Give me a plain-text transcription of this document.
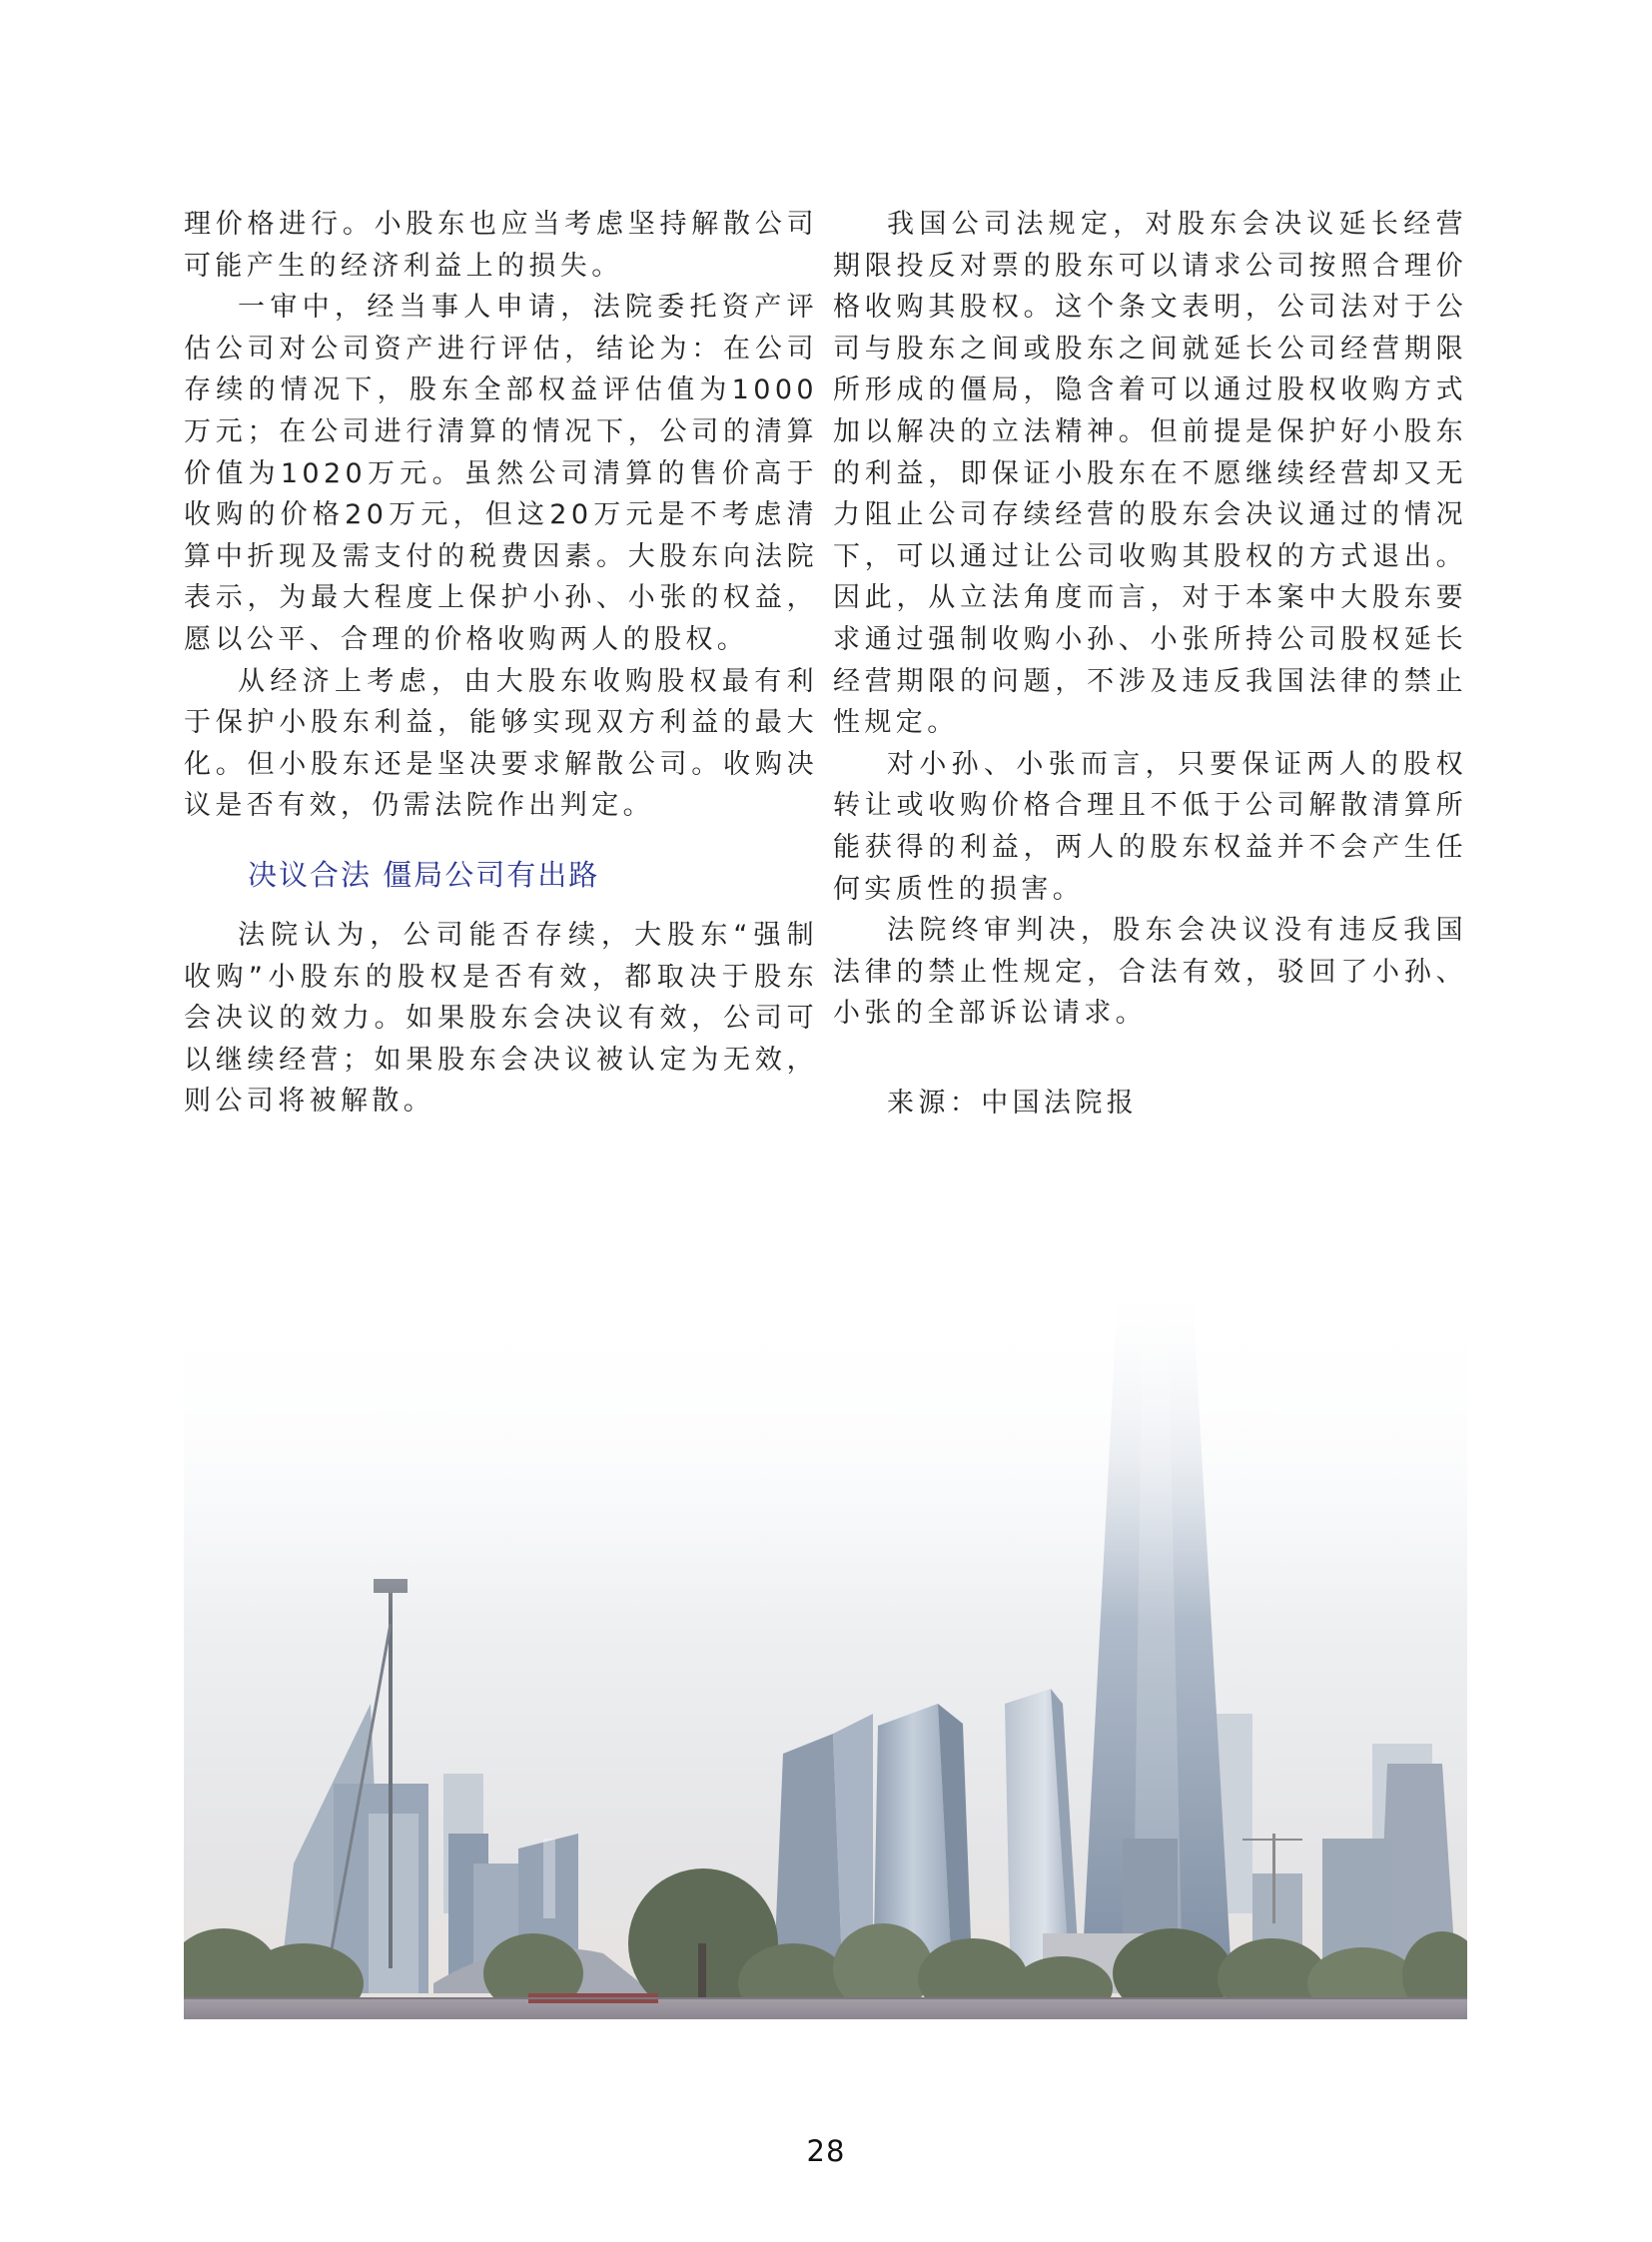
理价格进行。小股东也应当考虑坚持解散公司可能产生的经济利益上的损失。

一审中，经当事人申请，法院委托资产评估公司对公司资产进行评估，结论为：在公司存续的情况下，股东全部权益评估值为1000万元；在公司进行清算的情况下，公司的清算价值为1020万元。虽然公司清算的售价高于收购的价格20万元，但这20万元是不考虑清算中折现及需支付的税费因素。大股东向法院表示，为最大程度上保护小孙、小张的权益，愿以公平、合理的价格收购两人的股权。

从经济上考虑，由大股东收购股权最有利于保护小股东利益，能够实现双方利益的最大化。但小股东还是坚决要求解散公司。收购决议是否有效，仍需法院作出判定。

决议合法 僵局公司有出路

法院认为，公司能否存续，大股东“强制收购”小股东的股权是否有效，都取决于股东会决议的效力。如果股东会决议有效，公司可以继续经营；如果股东会决议被认定为无效，则公司将被解散。

我国公司法规定，对股东会决议延长经营期限投反对票的股东可以请求公司按照合理价格收购其股权。这个条文表明，公司法对于公司与股东之间或股东之间就延长公司经营期限所形成的僵局，隐含着可以通过股权收购方式加以解决的立法精神。但前提是保护好小股东的利益，即保证小股东在不愿继续经营却又无力阻止公司存续经营的股东会决议通过的情况下，可以通过让公司收购其股权的方式退出。因此，从立法角度而言，对于本案中大股东要求通过强制收购小孙、小张所持公司股权延长经营期限的问题，不涉及违反我国法律的禁止性规定。

对小孙、小张而言，只要保证两人的股权转让或收购价格合理且不低于公司解散清算所能获得的利益，两人的股东权益并不会产生任何实质性的损害。

法院终审判决，股东会决议没有违反我国法律的禁止性规定，合法有效，驳回了小孙、小张的全部诉讼请求。

来源：中国法院报

28
